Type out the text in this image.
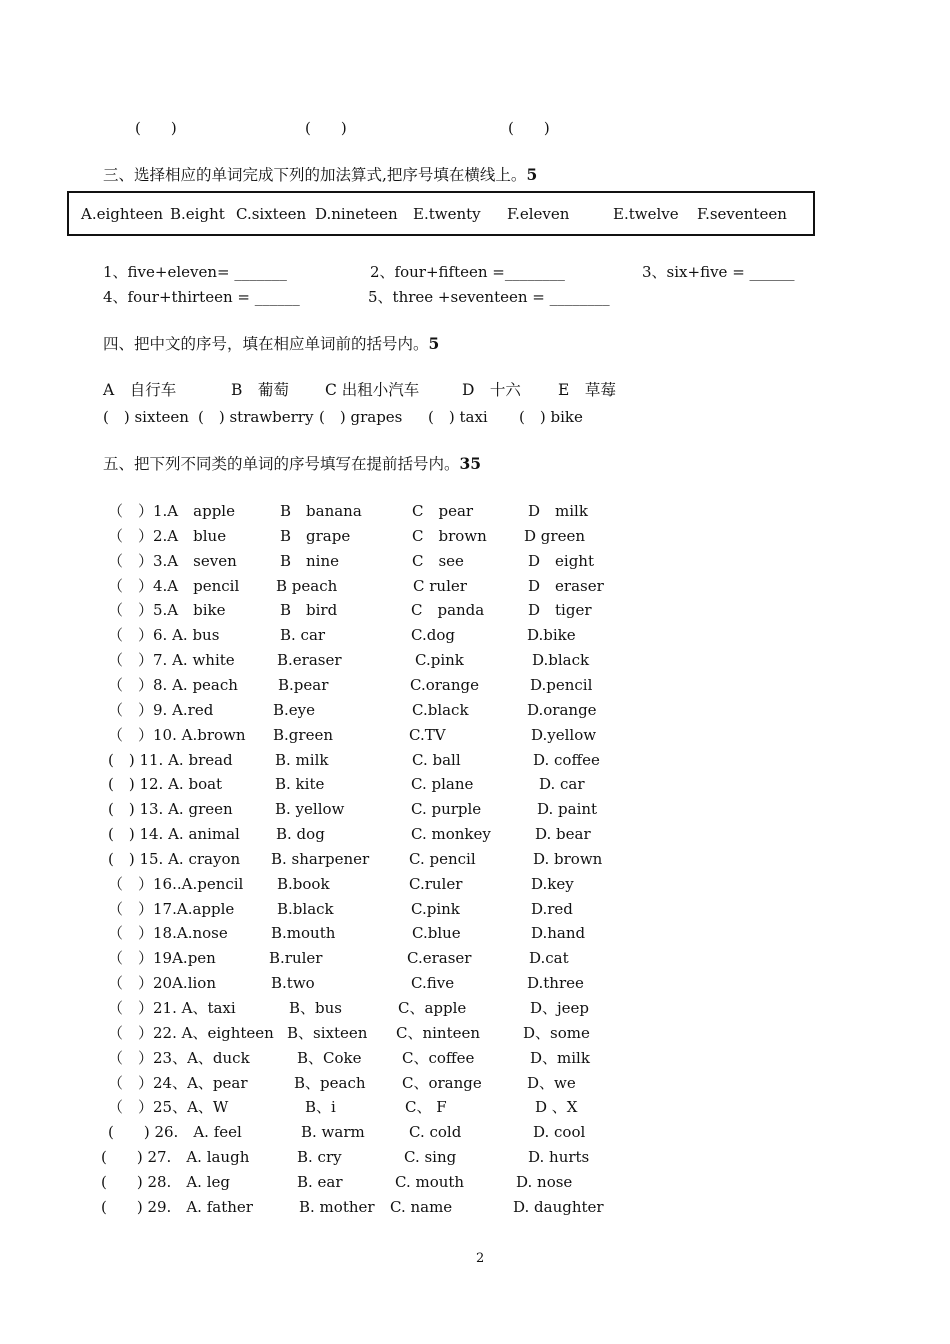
(　　)	(　　)	(　　)
三、选择相应的单词完成下列的加法算式,把序号填在横线上。5
A.eighteen B.eight C.sixteen D.nineteen E.twenty F.eleven	E.twelve F.seventeen
1、five+eleven= _______	2、four+fifteen =________	3、six+five = ______
4、four+thirteen = ______	5、three +seventeen = ________
四、把中文的序号，填在相应单词前的括号内。5
A　自行车	B　葡萄 C 出租小汽车	D　十六 E　草莓
(　) sixteen (　) strawberry (　) grapes (　) taxi (　) bike
五、把下列不同类的单词的序号填写在提前括号内。35
（　）1.A　apple	B　banana	C　pear	D　milk
（　）2.A　blue	B　grape	C　brown D green
（　）3.A　seven	B　nine	C　see	D　eight
（　）4.A　pencil B peach	C ruler	D　eraser
（　）5.A　bike	B　bird	C　panda	D　tiger
（　）6. A. bus	B. car	C.dog	D.bike
（　）7. A. white	B.eraser	C.pink	D.black
（　）8. A. peach	B.pear	C.orange	D.pencil
（　）9. A.red	B.eye	C.black	D.orange
（　）10. A.brown B.green	C.TV	D.yellow
(　) 11. A. bread	B. milk	C. ball	D. coffee
(　) 12. A. boat	B. kite	C. plane	D. car
(　) 13. A. green	B. yellow	C. purple	D. paint
(　) 14. A. animal B. dog	C. monkey	D. bear
(　) 15. A. crayon B. sharpener	C. pencil	D. brown
（　）16..A.pencil B.book	C.ruler	D.key
（　）17.A.apple	B.black	C.pink	D.red
（　）18.A.nose	B.mouth	C.blue	D.hand
（　）19A.pen	B.ruler	C.eraser	D.cat
（　）20A.lion	B.two	C.five	D.three
（　）21. A、taxi	B、bus	C、apple	D、jeep
（　）22. A、eighteen B、sixteen C、ninteen	D、some
（　）23、A、duck	B、Coke	C、coffee	D、milk
（　）24、A、pear	B、peach C、orange	D、we
（　）25、A、W	B、i	C、 F	D 、X
(　　) 26.　A. feel	B. warm	C. cold	D. cool
(　　) 27.　A. laugh	B. cry	C. sing	D. hurts
(　　) 28.　A. leg	B. ear	C. mouth	D. nose
(　　) 29.　A. father	B. mother C. name	D. daughter
2
